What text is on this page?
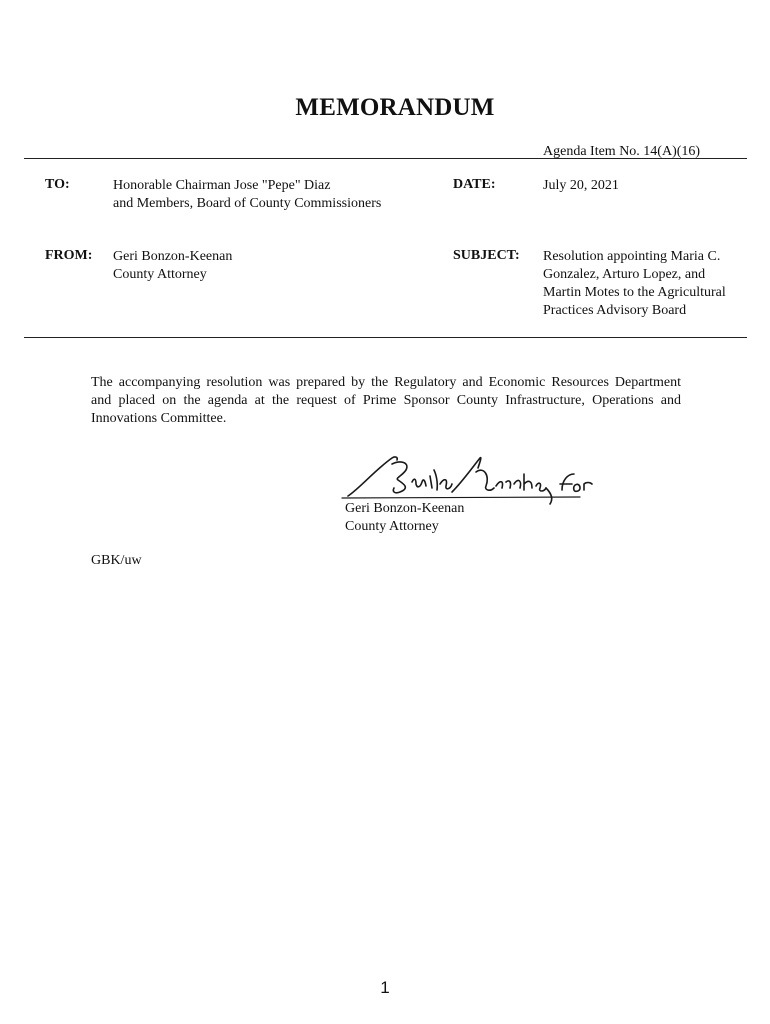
MEMORANDUM
Agenda Item No. 14(A)(16)
TO:	Honorable Chairman Jose "Pepe" Diaz
and Members, Board of County Commissioners
DATE:	July 20, 2021
FROM: Geri Bonzon-Keenan
County Attorney
SUBJECT: Resolution appointing Maria C.
Gonzalez, Arturo Lopez, and
Martin Motes to the Agricultural
Practices Advisory Board
The accompanying resolution was prepared by the Regulatory and Economic Resources Department
and placed on the agenda at the request of Prime Sponsor County Infrastructure, Operations and
Innovations Committee.
Geri Bonzon-Keenan
County Attorney
GBK/uw
1
